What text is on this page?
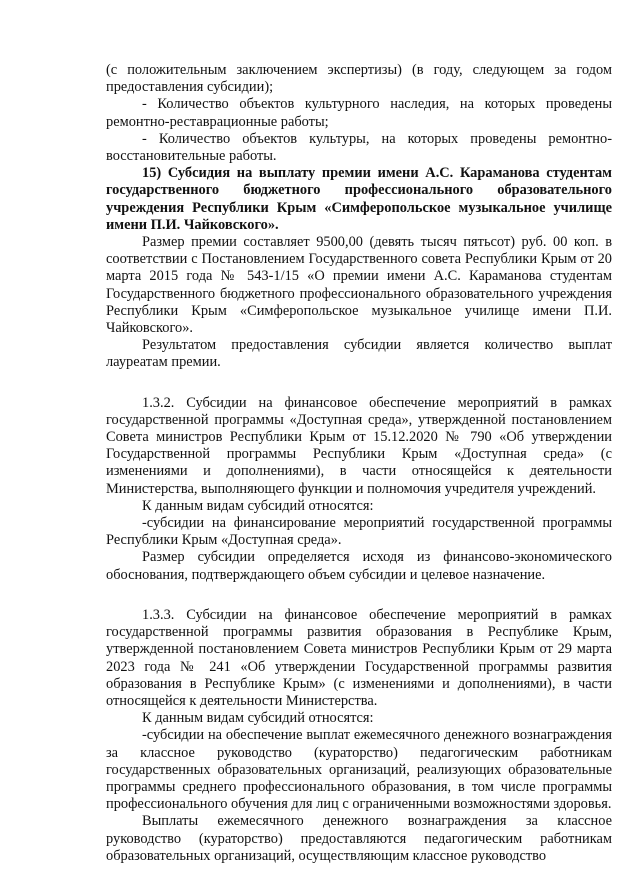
(с положительным заключением экспертизы) (в году, следующем за годом предоставления субсидии);

- Количество объектов культурного наследия, на которых проведены ремонтно-реставрационные работы;

- Количество объектов культуры, на которых проведены ремонтно-восстановительные работы.

15) Субсидия на выплату премии имени А.С. Караманова студентам государственного бюджетного профессионального образовательного учреждения Республики Крым «Симферопольское музыкальное училище имени П.И. Чайковского».

Размер премии составляет 9500,00 (девять тысяч пятьсот) руб. 00 коп. в соответствии с Постановлением Государственного совета Республики Крым от 20 марта 2015 года № 543-1/15 «О премии имени А.С. Караманова студентам Государственного бюджетного профессионального образовательного учреждения Республики Крым «Симферопольское музыкальное училище имени П.И. Чайковского».

Результатом предоставления субсидии является количество выплат лауреатам премии.

1.3.2. Субсидии на финансовое обеспечение мероприятий в рамках государственной программы «Доступная среда», утвержденной постановлением Совета министров Республики Крым от 15.12.2020 № 790 «Об утверждении Государственной программы Республики Крым «Доступная среда» (с изменениями и дополнениями), в части относящейся к деятельности Министерства, выполняющего функции и полномочия учредителя учреждений.

К данным видам субсидий относятся:

-субсидии на финансирование мероприятий государственной программы Республики Крым «Доступная среда».

Размер субсидии определяется исходя из финансово-экономического обоснования, подтверждающего объем субсидии и целевое назначение.

1.3.3. Субсидии на финансовое обеспечение мероприятий в рамках государственной программы развития образования в Республике Крым, утвержденной постановлением Совета министров Республики Крым от 29 марта 2023 года № 241 «Об утверждении Государственной программы развития образования в Республике Крым» (с изменениями и дополнениями), в части относящейся к деятельности Министерства.

К данным видам субсидий относятся:

-субсидии на обеспечение выплат ежемесячного денежного вознаграждения за классное руководство (кураторство) педагогическим работникам государственных образовательных организаций, реализующих образовательные программы среднего профессионального образования, в том числе программы профессионального обучения для лиц с ограниченными возможностями здоровья.

Выплаты ежемесячного денежного вознаграждения за классное руководство (кураторство) предоставляются педагогическим работникам образовательных организаций, осуществляющим классное руководство
